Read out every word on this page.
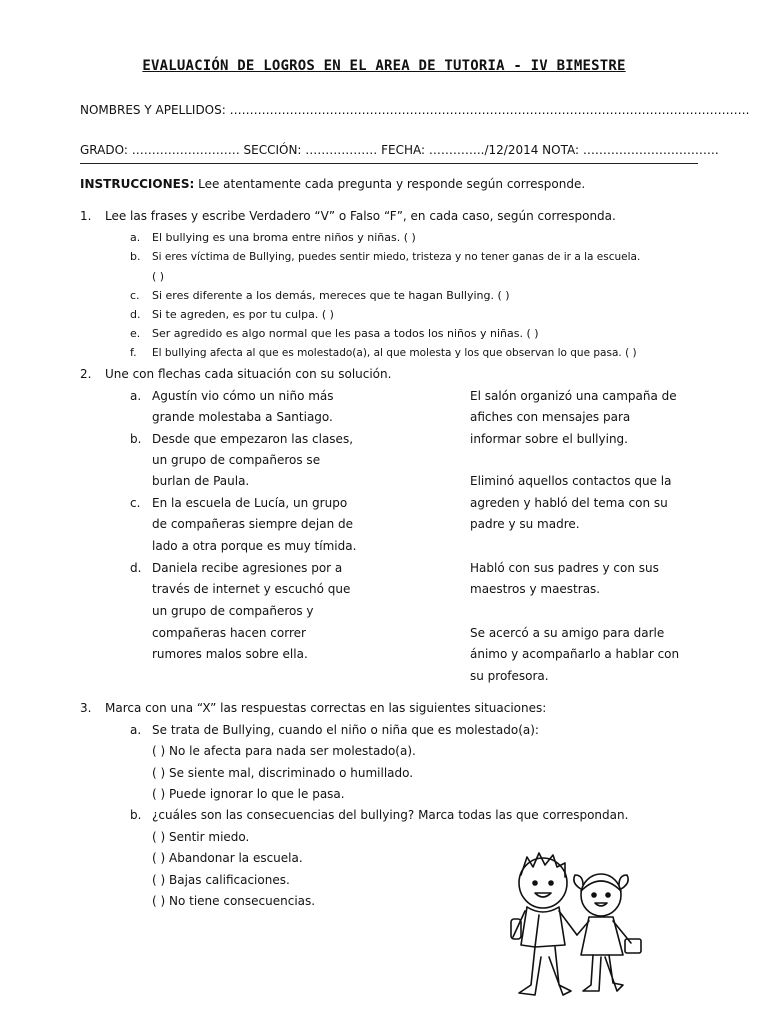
EVALUACIÓN DE LOGROS EN EL AREA DE TUTORIA - IV BIMESTRE
NOMBRES Y APELLIDOS: ………………………………………………………………………………………………………………….
GRADO: ……………………… SECCIÓN: ……………… FECHA: …………../12/2014 NOTA: …………………………….
INSTRUCCIONES: Lee atentamente cada pregunta y responde según corresponde.
1. Lee las frases y escribe Verdadero “V” o Falso “F”, en cada caso, según corresponda.
a. El bullying es una broma entre niños y niñas. ( )
b. Si eres víctima de Bullying, puedes sentir miedo, tristeza y no tener ganas de ir a la escuela.
( )
c. Si eres diferente a los demás, mereces que te hagan Bullying. ( )
d. Si te agreden, es por tu culpa. ( )
e. Ser agredido es algo normal que les pasa a todos los niños y niñas. ( )
f. El bullying afecta al que es molestado(a), al que molesta y los que observan lo que pasa. ( )
2. Une con flechas cada situación con su solución.
a. Agustín vio cómo un niño más
grande molestaba a Santiago.
b. Desde que empezaron las clases,
un grupo de compañeros se
burlan de Paula.
c. En la escuela de Lucía, un grupo
de compañeras siempre dejan de
lado a otra porque es muy tímida.
d. Daniela recibe agresiones por a
través de internet y escuchó que
un grupo de compañeros y
compañeras hacen correr
rumores malos sobre ella.
El salón organizó una campaña de
afiches con mensajes para
informar sobre el bullying.
Eliminó aquellos contactos que la
agreden y habló del tema con su
padre y su madre.
Habló con sus padres y con sus
maestros y maestras.
Se acercó a su amigo para darle
ánimo y acompañarlo a hablar con
su profesora.
3. Marca con una “X” las respuestas correctas en las siguientes situaciones:
a. Se trata de Bullying, cuando el niño o niña que es molestado(a):
( ) No le afecta para nada ser molestado(a).
( ) Se siente mal, discriminado o humillado.
( ) Puede ignorar lo que le pasa.
b. ¿cuáles son las consecuencias del bullying? Marca todas las que correspondan.
( ) Sentir miedo.
( ) Abandonar la escuela.
( ) Bajas calificaciones.
( ) No tiene consecuencias.
